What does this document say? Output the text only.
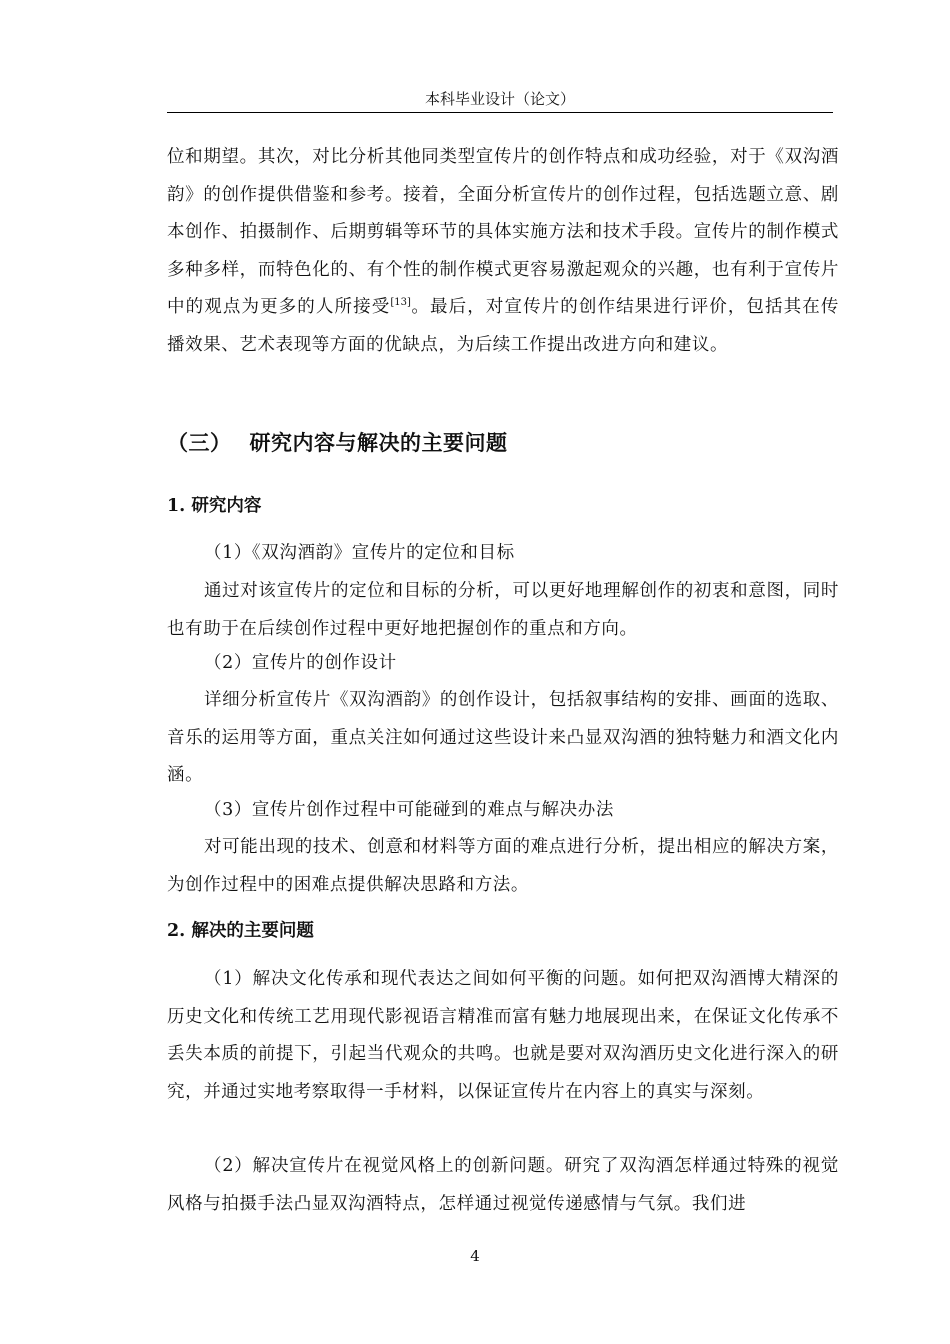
本科毕业设计（论文）

位和期望。其次，对比分析其他同类型宣传片的创作特点和成功经验，对于《双沟酒韵》的创作提供借鉴和参考。接着，全面分析宣传片的创作过程，包括选题立意、剧本创作、拍摄制作、后期剪辑等环节的具体实施方法和技术手段。宣传片的制作模式多种多样，而特色化的、有个性的制作模式更容易激起观众的兴趣，也有利于宣传片中的观点为更多的人所接受[13]。最后，对宣传片的创作结果进行评价，包括其在传播效果、艺术表现等方面的优缺点，为后续工作提出改进方向和建议。

（三） 研究内容与解决的主要问题
1. 研究内容

（1）《双沟酒韵》宣传片的定位和目标

通过对该宣传片的定位和目标的分析，可以更好地理解创作的初衷和意图，同时也有助于在后续创作过程中更好地把握创作的重点和方向。

（2）宣传片的创作设计

详细分析宣传片《双沟酒韵》的创作设计，包括叙事结构的安排、画面的选取、音乐的运用等方面，重点关注如何通过这些设计来凸显双沟酒的独特魅力和酒文化内涵。

（3）宣传片创作过程中可能碰到的难点与解决办法

对可能出现的技术、创意和材料等方面的难点进行分析，提出相应的解决方案，为创作过程中的困难点提供解决思路和方法。

2. 解决的主要问题

（1）解决文化传承和现代表达之间如何平衡的问题。如何把双沟酒博大精深的历史文化和传统工艺用现代影视语言精准而富有魅力地展现出来，在保证文化传承不丢失本质的前提下，引起当代观众的共鸣。也就是要对双沟酒历史文化进行深入的研究，并通过实地考察取得一手材料，以保证宣传片在内容上的真实与深刻。

（2）解决宣传片在视觉风格上的创新问题。研究了双沟酒怎样通过特殊的视觉风格与拍摄手法凸显双沟酒特点，怎样通过视觉传递感情与气氛。我们进

4
